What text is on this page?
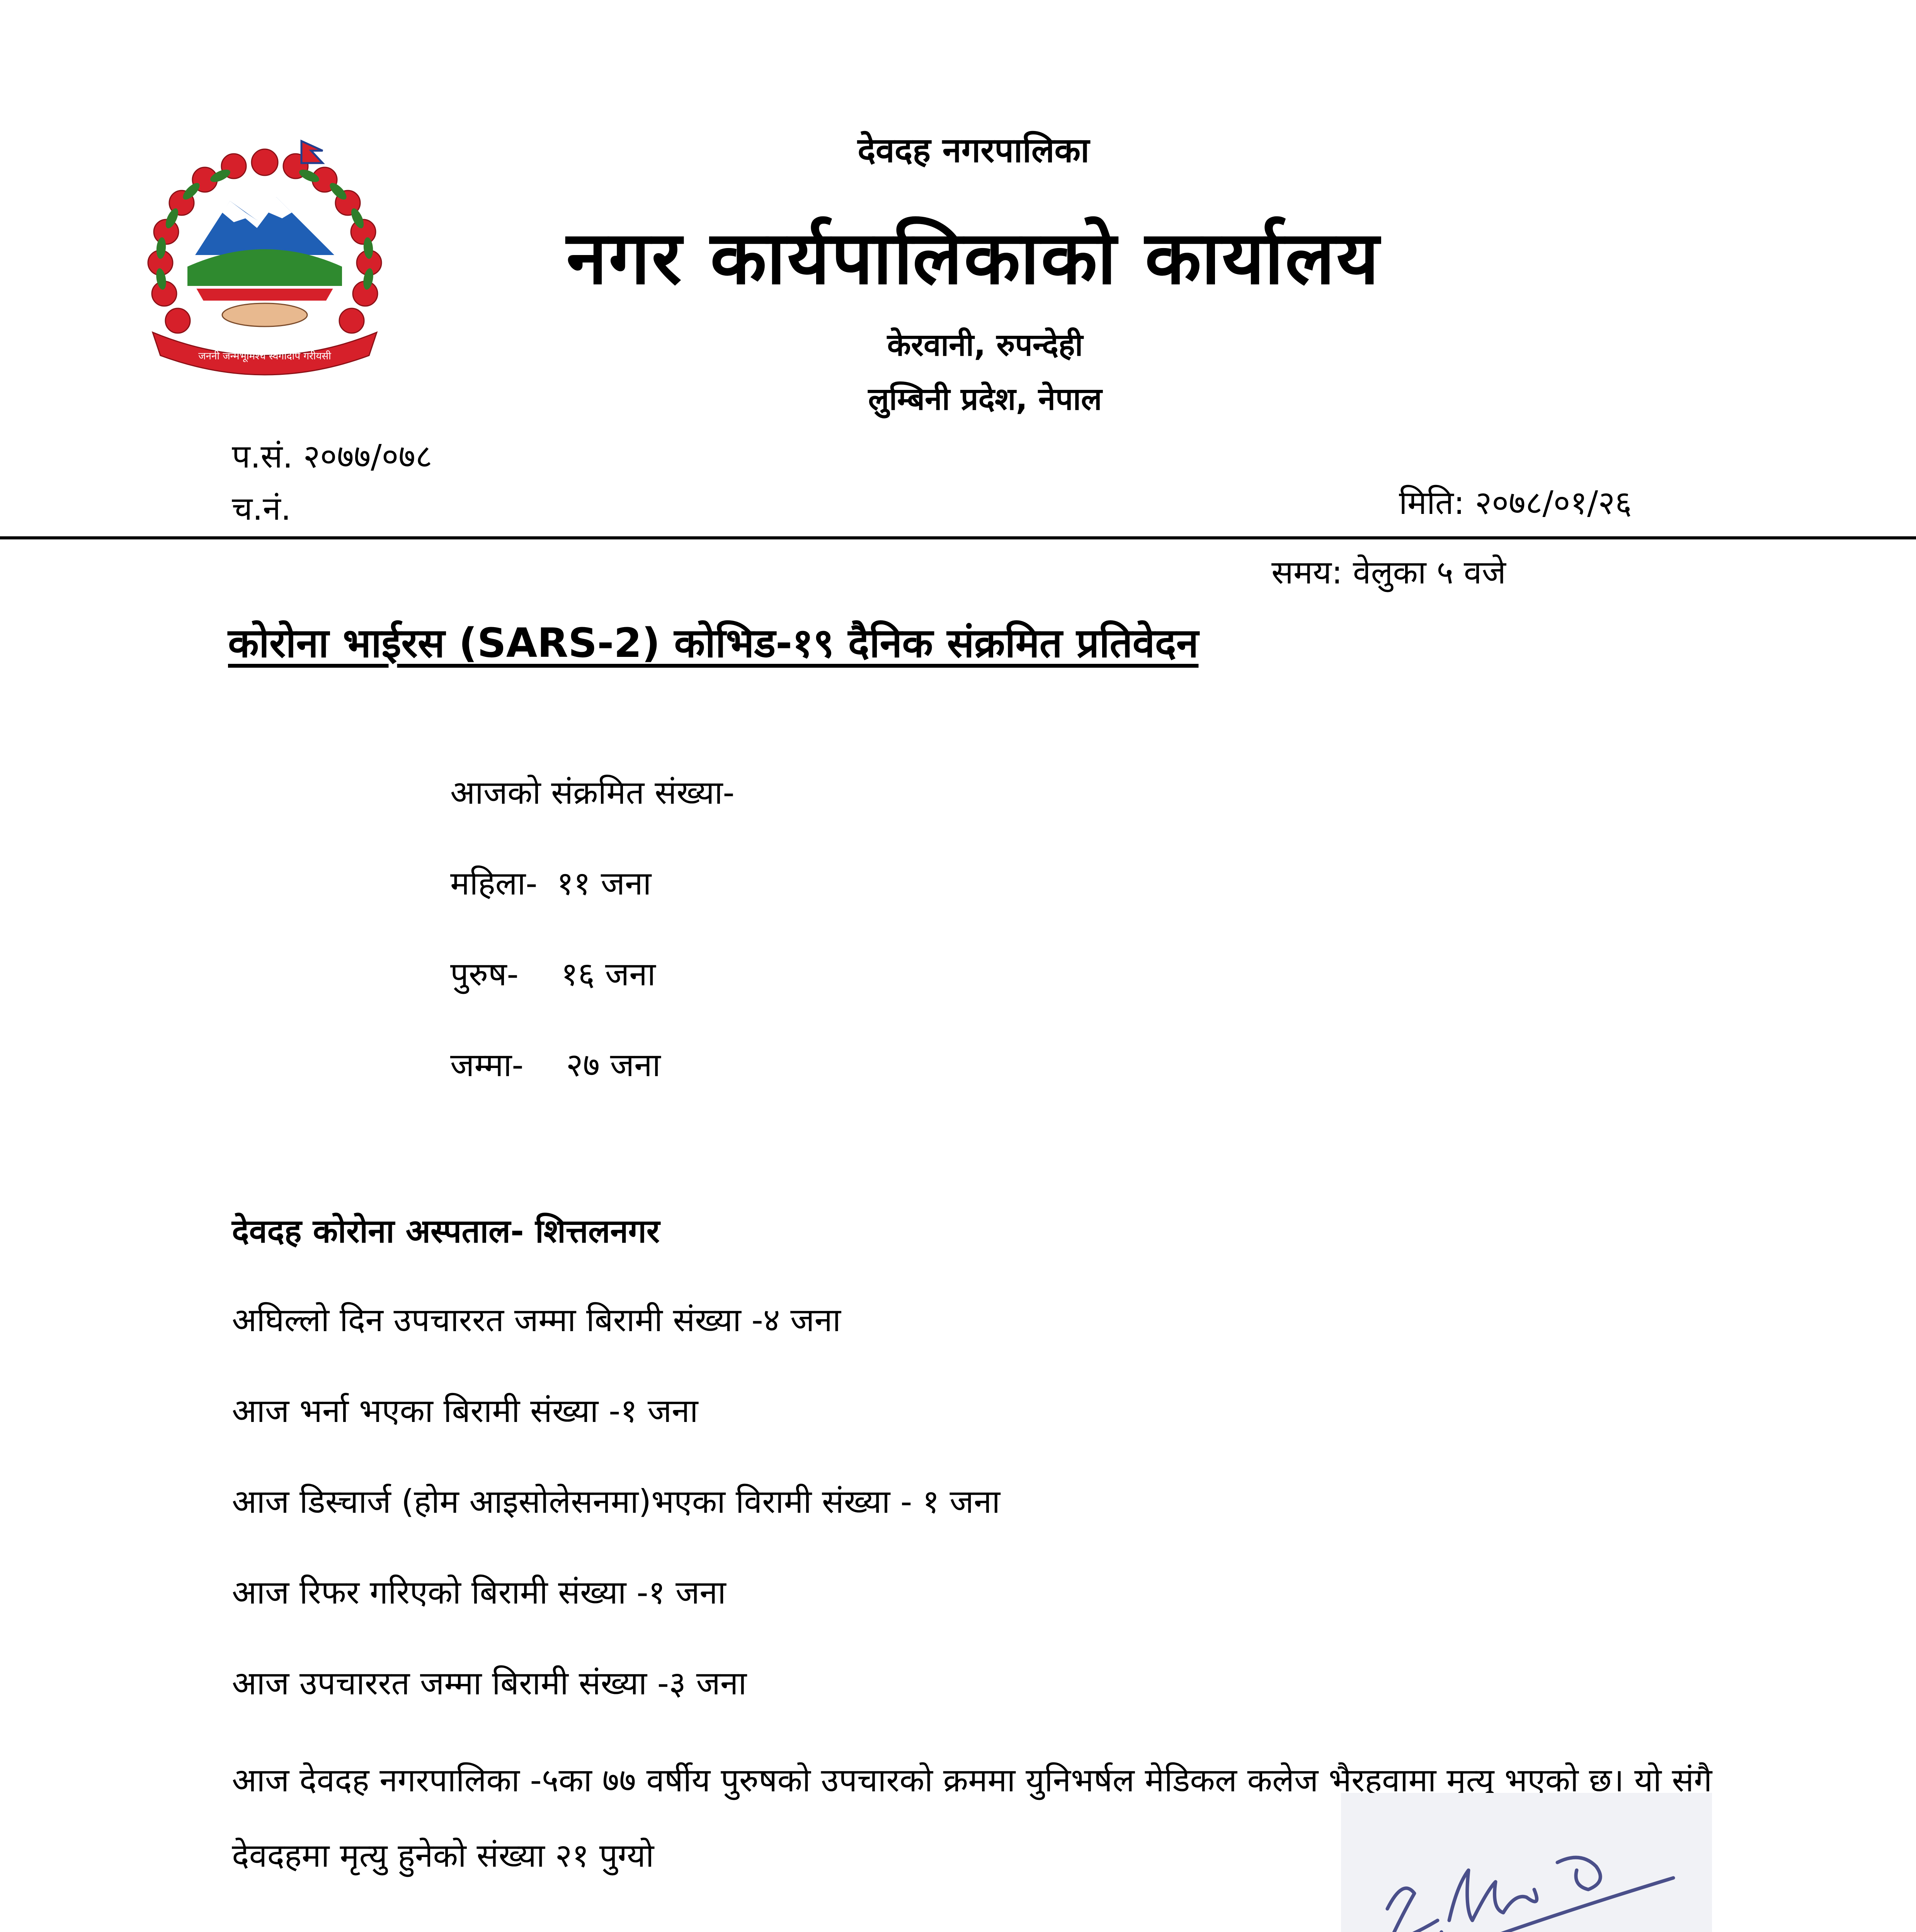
जननी जन्मभूमिश्च स्वर्गादपि गरीयसी
देवदह नगरपालिका
नगर कार्यपालिकाको कार्यालय
केरवानी, रुपन्देही
लुम्बिनी प्रदेश, नेपाल
प.सं. २०७७/०७८
च.नं.	मिति: २०७८/०१/२६
समय: वेलुका ५ वजे
कोरोना भाईरस (SARS-2) कोभिड-१९ दैनिक संक्रमित प्रतिवेदन
आजको संक्रमित संख्या-
महिला- ११ जना
पुरुष- १६ जना
जम्मा- २७ जना
देवदह कोरोना अस्पताल- शित्तलनगर
अघिल्लो दिन उपचाररत जम्मा बिरामी संख्या -४ जना
आज भर्ना भएका बिरामी संख्या -१ जना
आज डिस्चार्ज (होम आइसोलेसनमा)भएका विरामी संख्या - १ जना
आज रिफर गरिएको बिरामी संख्या -१ जना
आज उपचाररत जम्मा बिरामी संख्या -३ जना
आज देवदह नगरपालिका -५का ७७ वर्षीय पुरुषको उपचारको क्रममा युनिभर्षल मेडिकल कलेज भैरहवामा मृत्यु भएको छ। यो संगै देवदहमा मृत्यु हुनेको संख्या २१ पुग्यो
